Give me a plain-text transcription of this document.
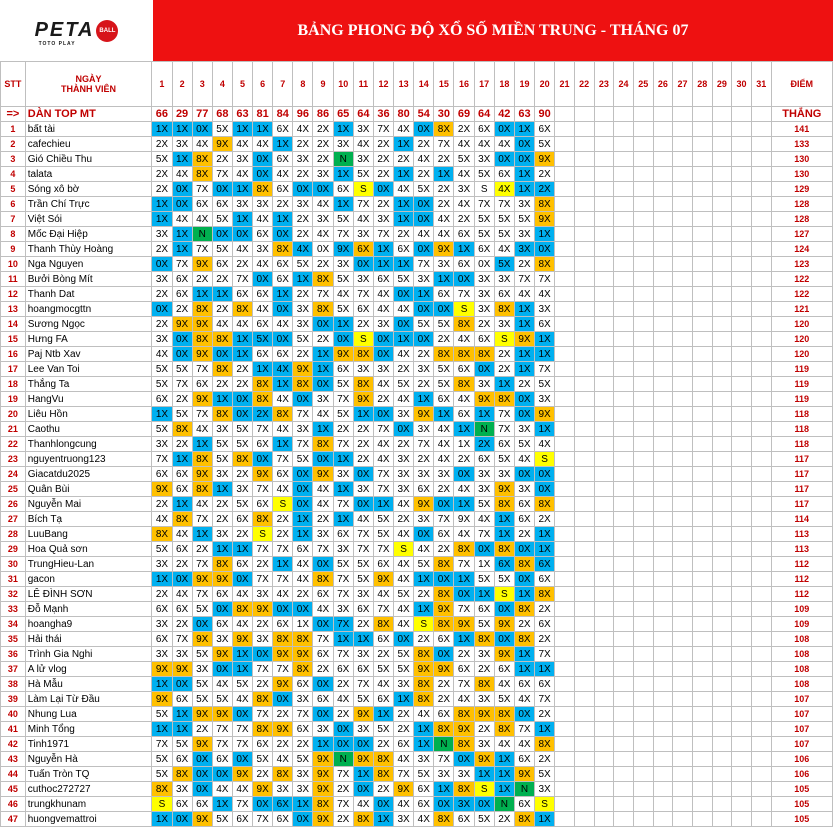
PETA BALL
TOTO PLAY
BẢNG PHONG ĐỘ XỔ SỐ MIỀN TRUNG - THÁNG 07
STT	NGÀY
THÀNH VIÊN	1	2	3	4	5	6	7	8	9	10	11	12	13	14	15	16	17	18	19	20	21	22	23	24	25	26	27	28	29	30	31	ĐIỂM
=>	DÀN TOP MT	66	29	77	68	63	81	84	96	86	65	64	36	80	54	30	69	64	42	63	90												THẮNG
1	bất tài	1X	1X	0X	5X	1X	1X	6X	4X	2X	1X	3X	7X	4X	0X	8X	2X	6X	0X	1X	6X												141
2	cafechieu	2X	3X	4X	9X	4X	4X	1X	2X	2X	3X	4X	2X	1X	2X	7X	4X	4X	4X	0X	5X												133
3	Gió Chiều Thu	5X	1X	8X	2X	3X	0X	6X	3X	2X	N	3X	2X	2X	4X	2X	5X	3X	0X	0X	9X												130
4	talata	2X	4X	8X	7X	4X	0X	4X	2X	3X	1X	5X	2X	1X	2X	1X	4X	5X	6X	1X	2X												130
5	Sóng xô bờ	2X	0X	7X	0X	1X	8X	6X	0X	0X	6X	S	0X	4X	5X	2X	3X	S	4X	1X	2X												129
6	Trần Chí Trực	1X	0X	6X	6X	3X	3X	2X	3X	4X	1X	7X	2X	1X	0X	2X	4X	7X	7X	3X	8X												128
7	Việt Sói	1X	4X	4X	5X	1X	4X	1X	2X	3X	5X	4X	3X	1X	0X	4X	2X	5X	5X	5X	9X												128
8	Mốc Đại Hiệp	3X	1X	N	0X	0X	6X	0X	2X	4X	7X	3X	7X	2X	4X	4X	6X	5X	5X	3X	1X												127
9	Thanh Thùy Hoàng	2X	1X	7X	5X	4X	3X	8X	4X	0X	9X	6X	1X	6X	0X	9X	1X	6X	4X	3X	0X												124
10	Nga Nguyen	0X	7X	9X	6X	2X	4X	6X	5X	2X	3X	0X	1X	1X	7X	3X	6X	0X	5X	2X	8X												123
11	Bưởi Bòng Mít	3X	6X	2X	2X	7X	0X	6X	1X	8X	5X	3X	6X	5X	3X	1X	0X	3X	3X	7X	7X												122
12	Thanh Dat	2X	6X	1X	1X	6X	6X	1X	2X	7X	4X	7X	4X	0X	1X	6X	7X	3X	6X	4X	4X												122
13	hoangmocgttn	0X	2X	8X	2X	8X	4X	0X	3X	8X	5X	6X	4X	4X	0X	0X	S	3X	8X	1X	3X												121
14	Sương Ngọc	2X	9X	9X	4X	4X	6X	4X	3X	0X	1X	2X	3X	0X	5X	5X	8X	2X	3X	1X	6X												120
15	Hưng FA	3X	0X	8X	8X	1X	5X	0X	5X	2X	0X	S	0X	1X	0X	2X	4X	6X	S	9X	1X												120
16	Paj Ntb Xav	4X	0X	9X	0X	1X	6X	6X	2X	1X	9X	8X	0X	4X	2X	8X	8X	8X	2X	1X	1X												120
17	Lee Van Toi	5X	5X	7X	8X	2X	1X	4X	9X	1X	6X	3X	3X	2X	3X	5X	6X	0X	2X	1X	7X												119
18	Thắng Ta	5X	7X	6X	2X	2X	8X	1X	8X	0X	5X	8X	4X	5X	2X	5X	8X	3X	1X	2X	5X												119
19	HangVu	6X	2X	9X	1X	0X	8X	4X	0X	3X	7X	9X	2X	4X	1X	6X	4X	9X	8X	0X	3X												119
20	Liêu Hồn	1X	5X	7X	8X	0X	2X	8X	7X	4X	5X	1X	0X	3X	9X	1X	6X	1X	7X	0X	9X												118
21	Caothu	5X	8X	4X	3X	5X	7X	4X	3X	1X	2X	2X	7X	0X	3X	4X	1X	N	7X	3X	1X												118
22	Thanhlongcung	3X	2X	1X	5X	5X	6X	1X	7X	8X	7X	2X	4X	2X	7X	4X	1X	2X	6X	5X	4X												118
23	nguyentruong123	7X	1X	8X	5X	8X	0X	7X	5X	0X	1X	2X	4X	3X	2X	4X	2X	6X	5X	4X	S												117
24	Giacatdu2025	6X	6X	9X	3X	2X	9X	6X	0X	9X	3X	0X	7X	3X	3X	3X	0X	3X	3X	0X	0X												117
25	Quân Bùi	9X	6X	8X	1X	3X	7X	4X	0X	4X	1X	3X	7X	3X	6X	2X	4X	3X	9X	3X	0X												117
26	Nguyễn Mai	2X	1X	4X	2X	5X	6X	S	0X	4X	7X	0X	1X	4X	9X	0X	1X	5X	8X	6X	8X												117
27	Bích Tạ	4X	8X	7X	2X	6X	8X	2X	1X	2X	1X	4X	5X	2X	3X	7X	9X	4X	1X	6X	2X												114
28	LuuBang	8X	4X	1X	3X	2X	S	2X	1X	3X	6X	7X	5X	4X	0X	6X	4X	7X	1X	2X	1X												113
29	Hoa Quả sơn	5X	6X	2X	1X	1X	7X	7X	6X	7X	3X	7X	7X	S	4X	2X	8X	0X	8X	0X	1X												113
30	TrungHieu-Lan	3X	2X	7X	8X	6X	2X	1X	4X	0X	5X	5X	6X	4X	5X	8X	7X	1X	6X	8X	6X												112
31	gacon	1X	0X	9X	9X	0X	7X	7X	4X	8X	7X	5X	9X	4X	1X	0X	1X	5X	5X	0X	6X												112
32	LÊ ĐÌNH SƠN	2X	4X	7X	6X	4X	3X	4X	2X	6X	7X	3X	4X	5X	2X	8X	0X	1X	S	1X	8X												112
33	Đỗ Mạnh	6X	6X	5X	0X	8X	9X	0X	0X	4X	3X	6X	7X	4X	1X	9X	7X	6X	0X	8X	2X												109
34	hoangha9	3X	2X	0X	6X	4X	2X	6X	1X	0X	7X	2X	8X	4X	S	8X	9X	5X	9X	2X	6X												109
35	Hải thái	6X	7X	9X	3X	9X	3X	8X	8X	7X	1X	1X	6X	0X	2X	6X	1X	8X	0X	8X	2X												108
36	Trình Gia Nghi	3X	3X	5X	9X	1X	0X	9X	9X	6X	7X	3X	2X	5X	8X	0X	2X	3X	9X	1X	7X												108
37	A lử vlog	9X	9X	3X	0X	1X	7X	7X	8X	2X	6X	6X	5X	5X	9X	9X	6X	2X	6X	1X	1X												108
38	Hà Mẫu	1X	0X	5X	4X	5X	2X	9X	6X	0X	2X	7X	4X	3X	8X	2X	7X	8X	4X	6X	6X												108
39	Làm Lại Từ Đầu	9X	6X	5X	5X	4X	8X	0X	3X	6X	4X	5X	6X	1X	8X	2X	4X	3X	5X	4X	7X												107
40	Nhung Lua	5X	1X	9X	9X	0X	7X	2X	7X	0X	2X	9X	1X	2X	4X	6X	8X	9X	8X	0X	2X												107
41	Minh Tổng	1X	1X	2X	7X	7X	8X	9X	6X	3X	0X	3X	5X	2X	1X	8X	9X	2X	8X	7X	1X												107
42	Tinh1971	7X	5X	9X	7X	7X	6X	2X	2X	1X	0X	0X	2X	6X	1X	N	8X	3X	4X	4X	8X												107
43	Nguyễn Hà	5X	6X	0X	6X	0X	5X	4X	5X	9X	N	9X	8X	4X	3X	7X	0X	9X	1X	6X	2X												106
44	Tuấn Tròn TQ	5X	8X	0X	0X	9X	2X	8X	3X	9X	7X	1X	8X	7X	5X	3X	3X	1X	1X	9X	5X												106
45	cuthoc272727	8X	3X	0X	4X	4X	9X	3X	3X	9X	2X	0X	2X	9X	6X	1X	8X	S	1X	N	3X												105
46	trungkhunam	S	6X	6X	1X	7X	0X	6X	1X	8X	7X	4X	0X	4X	6X	0X	3X	0X	N	6X	S												105
47	huongvemattroi	1X	0X	9X	5X	6X	7X	6X	0X	9X	2X	8X	1X	3X	4X	8X	6X	5X	2X	8X	1X												105
